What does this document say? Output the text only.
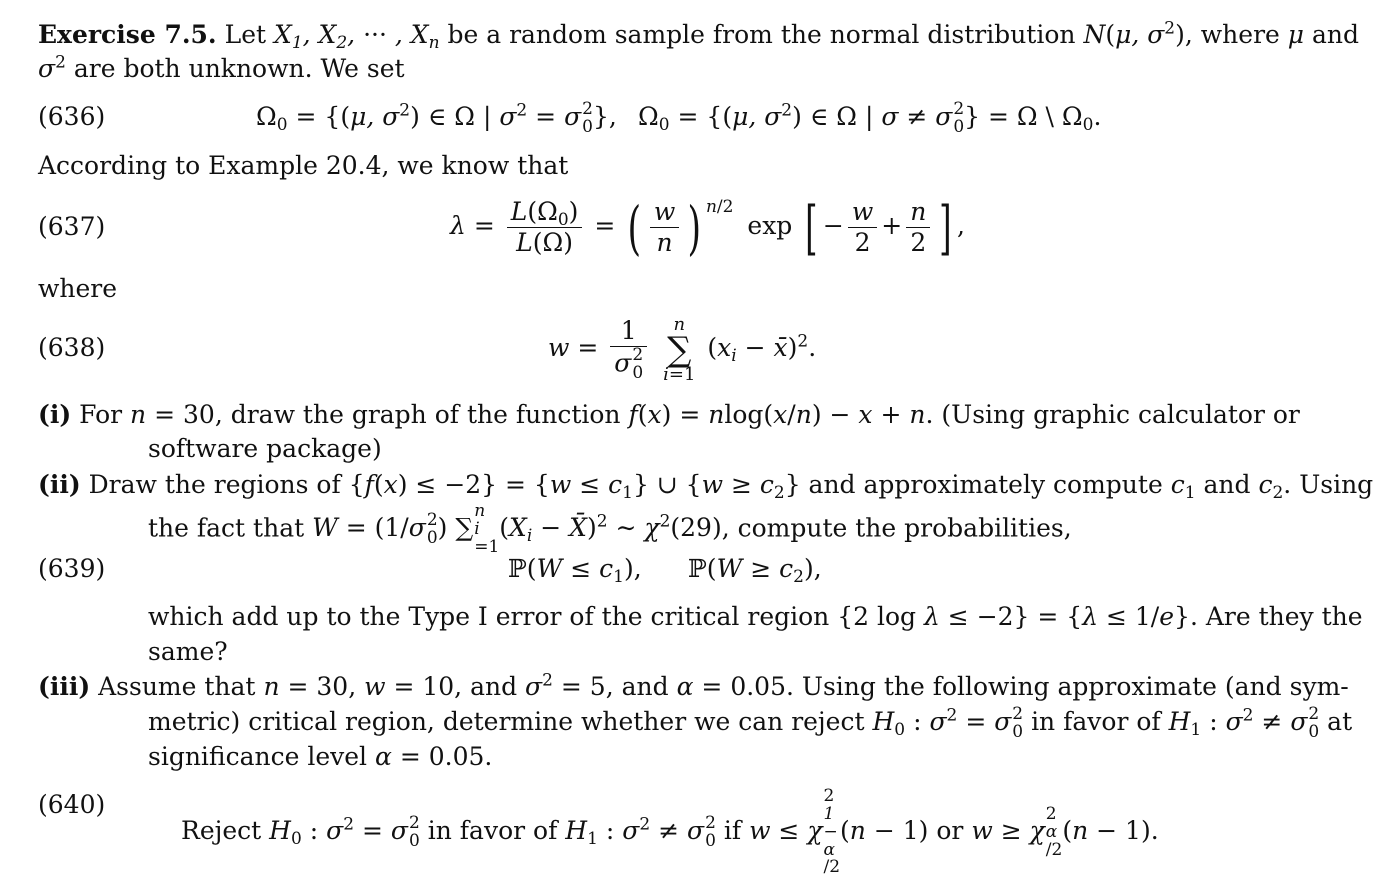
Exercise 7.5. Let $X_1$, $X_2$, ··· , $X_n$ be a random sample from the normal distribution N(μ, $\sigma^2$), where μ and
$\sigma^2$ are both unknown. We set
$\Omega_0 = \{(\mu$, $\sigma^2$) ∈ Ω | $\sigma^2 = \sigma$ 2
0 }, $\Omega_0 = \{(\mu$, $\sigma^2$) ∈ Ω | σ ≠ σ 2
0 } = Ω \ $\Omega_0$.
(636)
According to Example 20.4, we know that
$\lambda = \frac{L(\Omega_0)}{L(\Omega)}$ = ( $\frac{w}{n}$ ) $^{n/2}$ exp [ − $\frac{w}{2} + \frac{n}{2}$ ] ,
(637)
where
w = 1
σ 2
0
	n
∑
i=1
($x_i$ − x̄)$^2$.
(638)
(i) For n = 30, draw the graph of the function f(x) = nlog(x/n) − x + n. (Using graphic calculator or
software package)
(ii) Draw the regions of $\{f(x) \le -2\} = \{w \le c_1\}$ ∪ $\{w \ge c_2\}$ and approximately compute $c_1$ and $c_2$. Using
the fact that W = (1/σ 2
0 ) ∑
n
i
=1
($X_i$ − X̄)$^2$ ∼ $\chi^2(29)$, compute the probabilities,
ℙ(W ≤ $c_1$), ℙ(W ≥ $c_2$),
(639)
which add up to the Type I error of the critical region {2 log λ ≤ −2} = {λ ≤ 1/e}. Are they the
same?
(iii) Assume that n = 30, w = 10, and $\sigma^2 = 5$, and α = 0.05. Using the following approximate (and sym-
metric) critical region, determine whether we can reject $H_0$ : $\sigma^2 = \sigma$ 2
0 in favor of $H_1$ : $\sigma^2 \ne \sigma$ 2
0 at
significance level α = 0.05.
Reject $H_0$ : $\sigma^2 = \sigma$ 2
0 in favor of $H_1$ : $\sigma^2 \ne \sigma$ 2
0 if w ≤ χ
2
1
−
α
/2
(n − 1) or w ≥ χ
2
α
/2
(n − 1).
(640)
